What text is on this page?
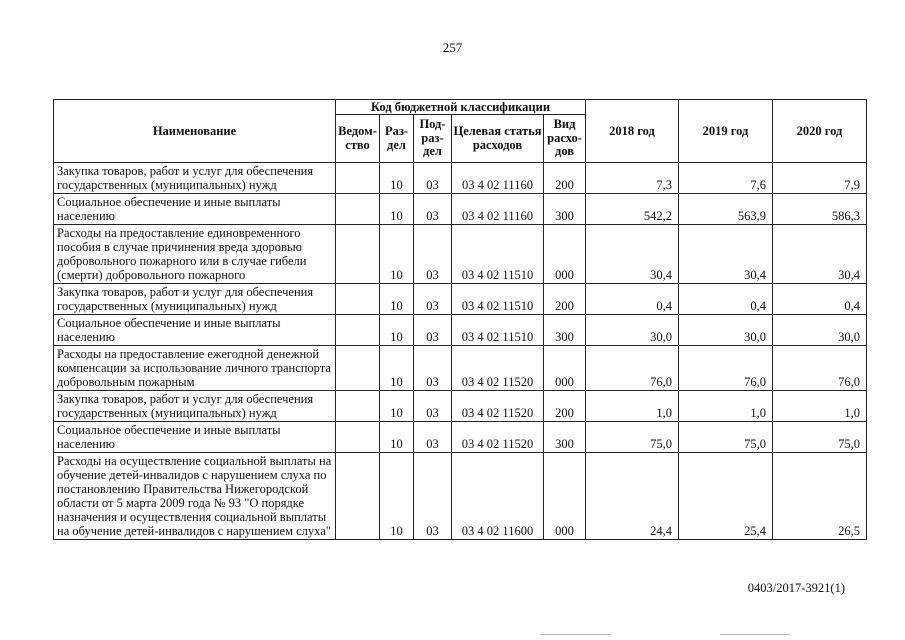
257
Наименование	Код бюджетной классификации					2018 год	2019 год	2020 год
	Ведом-ство	Раз-дел	Под-раз-дел	Целевая статья расходов	Вид расхо-дов			
Закупка товаров, работ и услуг для обеспечения государственных (муниципальных) нужд		10	03	03 4 02 11160	200	7,3	7,6	7,9
Социальное обеспечение и иные выплаты населению		10	03	03 4 02 11160	300	542,2	563,9	586,3
Расходы на предоставление единовременного пособия в случае причинения вреда здоровью добровольного пожарного или в случае гибели (смерти) добровольного пожарного		10	03	03 4 02 11510	000	30,4	30,4	30,4
Закупка товаров, работ и услуг для обеспечения государственных (муниципальных) нужд		10	03	03 4 02 11510	200	0,4	0,4	0,4
Социальное обеспечение и иные выплаты населению		10	03	03 4 02 11510	300	30,0	30,0	30,0
Расходы на предоставление ежегодной денежной компенсации за использование личного транспорта добровольным пожарным		10	03	03 4 02 11520	000	76,0	76,0	76,0
Закупка товаров, работ и услуг для обеспечения государственных (муниципальных) нужд		10	03	03 4 02 11520	200	1,0	1,0	1,0
Социальное обеспечение и иные выплаты населению		10	03	03 4 02 11520	300	75,0	75,0	75,0
Расходы на осуществление социальной выплаты на обучение детей-инвалидов с нарушением слуха по постановлению Правительства Нижегородской области от 5 марта 2009 года № 93 "О порядке назначения и осуществления социальной выплаты на обучение детей-инвалидов с нарушением слуха"		10	03	03 4 02 11600	000	24,4	25,4	26,5
0403/2017-3921(1)
